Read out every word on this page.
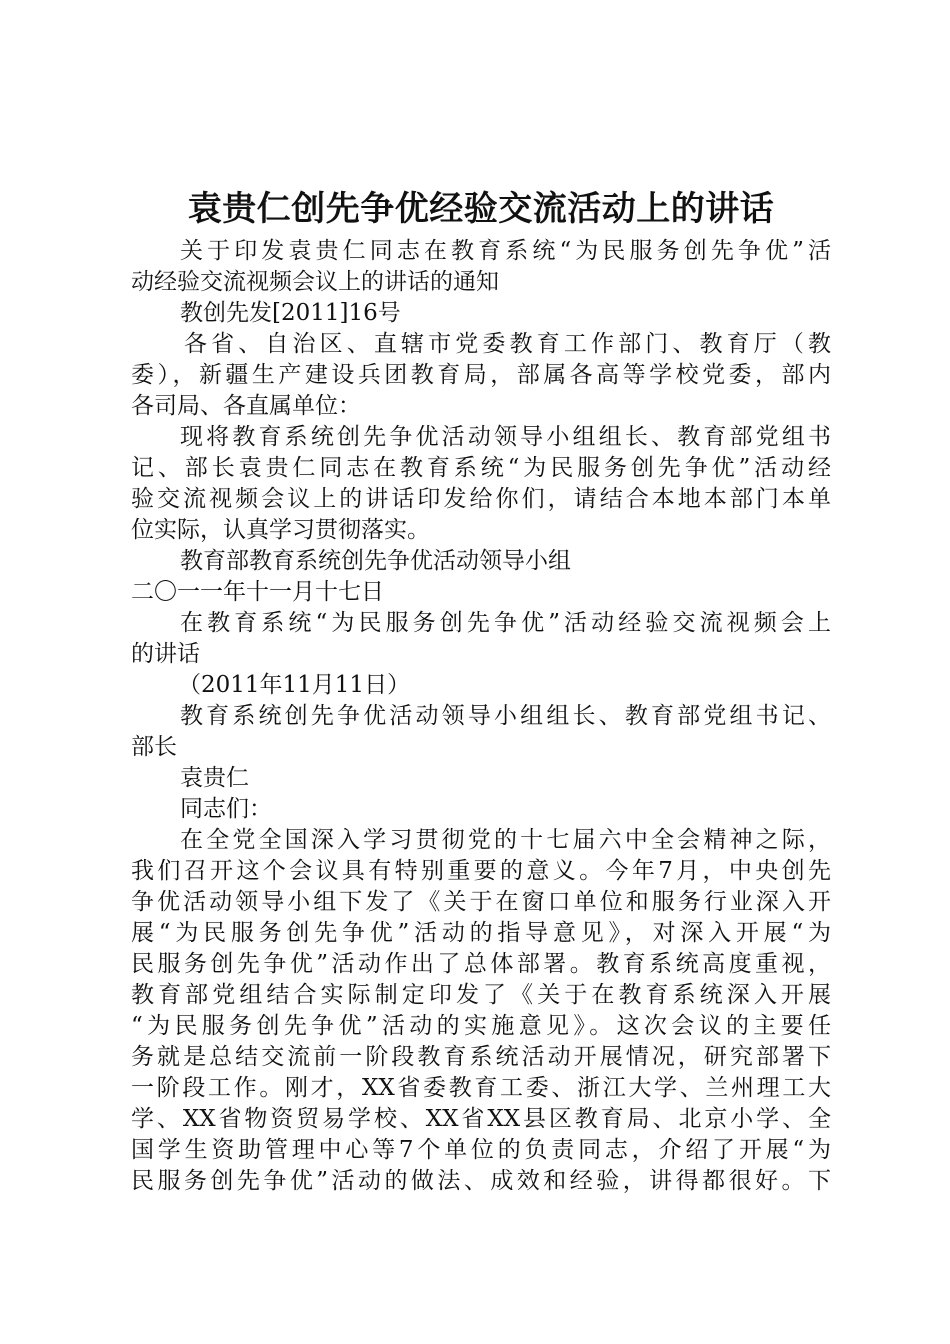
袁贵仁创先争优经验交流活动上的讲话

关于印发袁贵仁同志在教育系统“为民服务创先争优”活

动经验交流视频会议上的讲话的通知

教创先发[2011]16号

各省、自治区、直辖市党委教育工作部门、教育厅（教

委），新疆生产建设兵团教育局，部属各高等学校党委，部内

各司局、各直属单位：

现将教育系统创先争优活动领导小组组长、教育部党组书

记、部长袁贵仁同志在教育系统“为民服务创先争优”活动经

验交流视频会议上的讲话印发给你们，请结合本地本部门本单

位实际，认真学习贯彻落实。

教育部教育系统创先争优活动领导小组

二〇一一年十一月十七日

在教育系统“为民服务创先争优”活动经验交流视频会上

的讲话

（2011年11月11日）

教育系统创先争优活动领导小组组长、教育部党组书记、

部长

袁贵仁

同志们：

在全党全国深入学习贯彻党的十七届六中全会精神之际，

我们召开这个会议具有特别重要的意义。今年7月，中央创先

争优活动领导小组下发了《关于在窗口单位和服务行业深入开

展“为民服务创先争优”活动的指导意见》，对深入开展“为

民服务创先争优”活动作出了总体部署。教育系统高度重视，

教育部党组结合实际制定印发了《关于在教育系统深入开展

“为民服务创先争优”活动的实施意见》。这次会议的主要任

务就是总结交流前一阶段教育系统活动开展情况，研究部署下

一阶段工作。刚才，XX省委教育工委、浙江大学、兰州理工大

学、XX省物资贸易学校、XX省XX县区教育局、北京小学、全

国学生资助管理中心等7个单位的负责同志，介绍了开展“为

民服务创先争优”活动的做法、成效和经验，讲得都很好。下
